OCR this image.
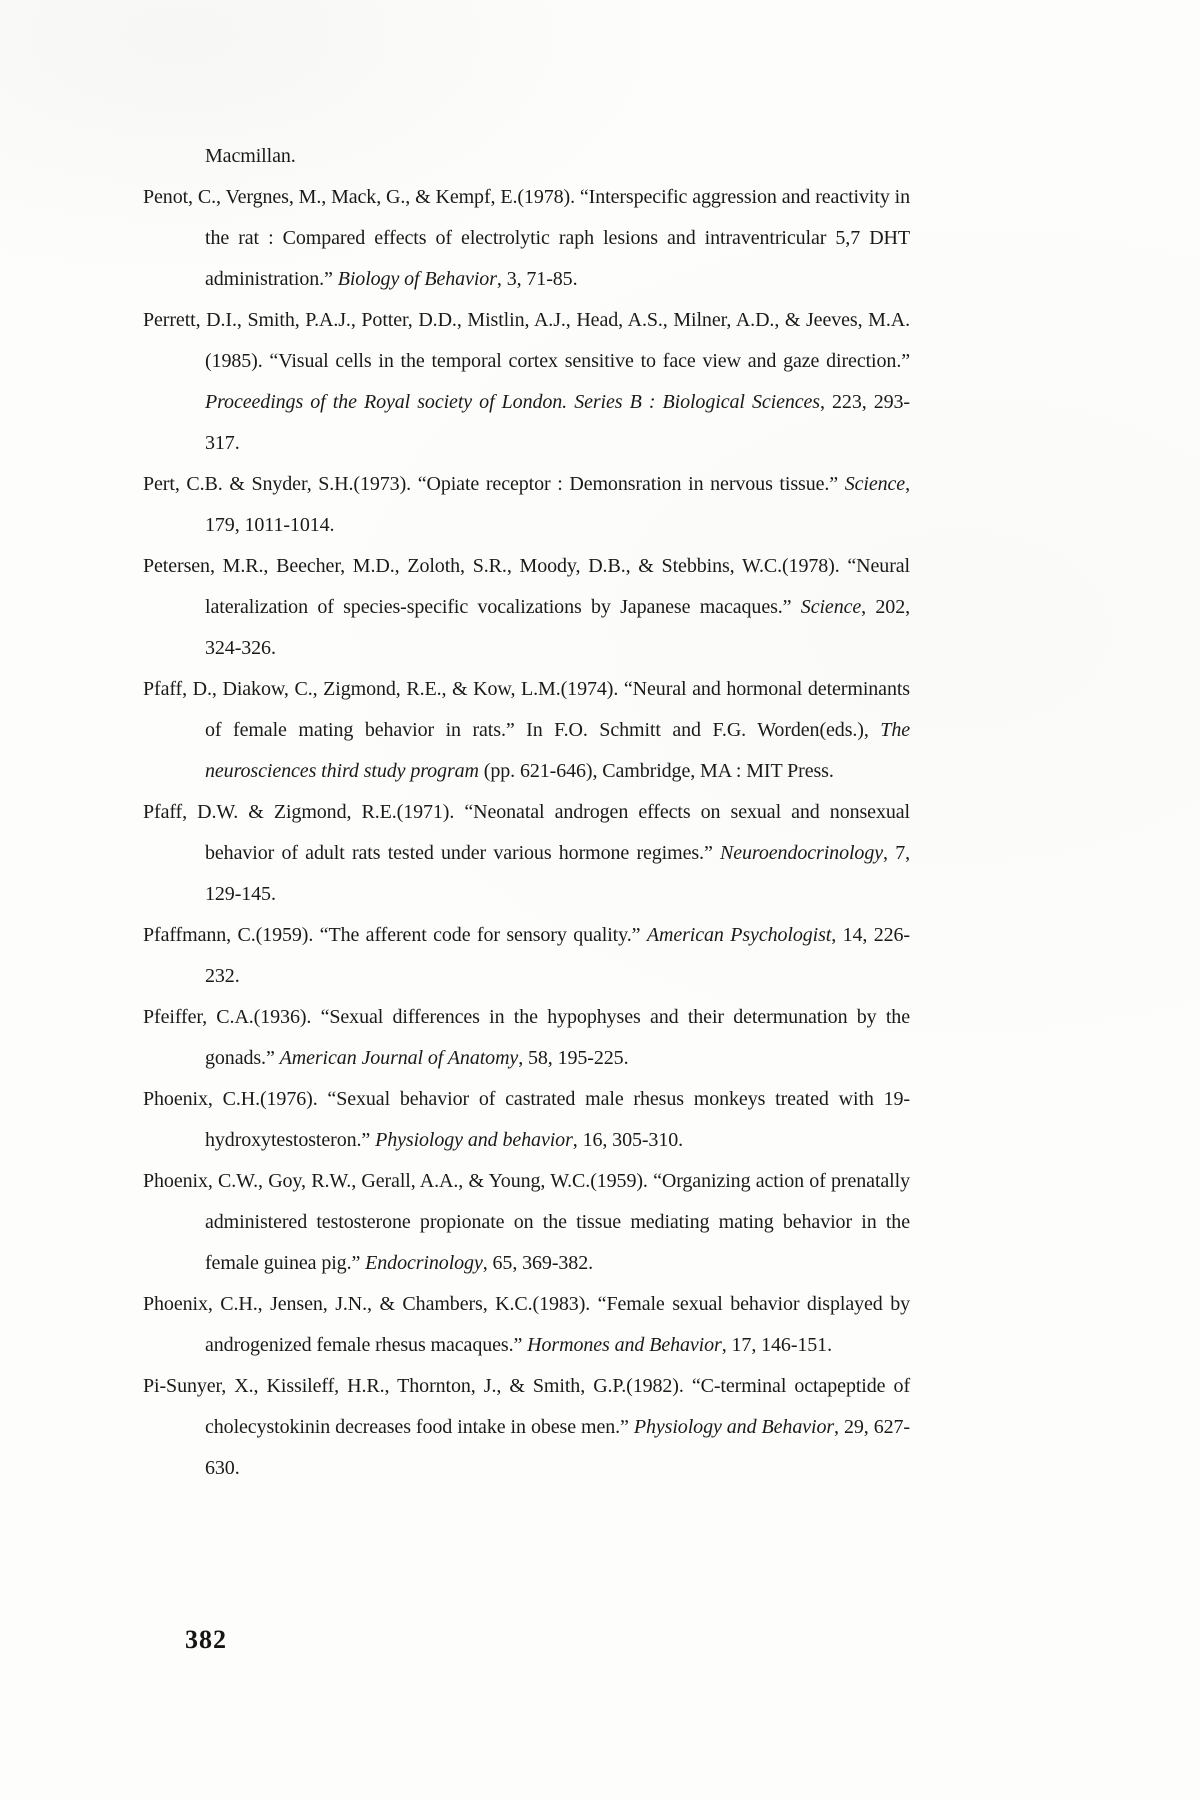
Macmillan.

Penot, C., Vergnes, M., Mack, G., & Kempf, E.(1978). “Interspecific aggression and reactivity in the rat : Compared effects of electrolytic raph lesions and intraventricular 5,7 DHT administration.” Biology of Behavior, 3, 71-85.

Perrett, D.I., Smith, P.A.J., Potter, D.D., Mistlin, A.J., Head, A.S., Milner, A.D., & Jeeves, M.A.(1985). “Visual cells in the temporal cortex sensitive to face view and gaze direction.” Proceedings of the Royal society of London. Series B : Biological Sciences, 223, 293-317.

Pert, C.B. & Snyder, S.H.(1973). “Opiate receptor : Demonsration in nervous tissue.” Science, 179, 1011-1014.

Petersen, M.R., Beecher, M.D., Zoloth, S.R., Moody, D.B., & Stebbins, W.C.(1978). “Neural lateralization of species-specific vocalizations by Japanese macaques.” Science, 202, 324-326.

Pfaff, D., Diakow, C., Zigmond, R.E., & Kow, L.M.(1974). “Neural and hormonal determinants of female mating behavior in rats.” In F.O. Schmitt and F.G. Worden(eds.), The neurosciences third study program (pp. 621-646), Cambridge, MA : MIT Press.

Pfaff, D.W. & Zigmond, R.E.(1971). “Neonatal androgen effects on sexual and nonsexual behavior of adult rats tested under various hormone regimes.” Neuroendocrinology, 7, 129-145.

Pfaffmann, C.(1959). “The afferent code for sensory quality.” American Psychologist, 14, 226-232.

Pfeiffer, C.A.(1936). “Sexual differences in the hypophyses and their determunation by the gonads.” American Journal of Anatomy, 58, 195-225.

Phoenix, C.H.(1976). “Sexual behavior of castrated male rhesus monkeys treated with 19-hydroxytestosteron.” Physiology and behavior, 16, 305-310.

Phoenix, C.W., Goy, R.W., Gerall, A.A., & Young, W.C.(1959). “Organizing action of prenatally administered testosterone propionate on the tissue mediating mating behavior in the female guinea pig.” Endocrinology, 65, 369-382.

Phoenix, C.H., Jensen, J.N., & Chambers, K.C.(1983). “Female sexual behavior displayed by androgenized female rhesus macaques.” Hormones and Behavior, 17, 146-151.

Pi-Sunyer, X., Kissileff, H.R., Thornton, J., & Smith, G.P.(1982). “C-terminal octapeptide of cholecystokinin decreases food intake in obese men.” Physiology and Behavior, 29, 627-630.

382
